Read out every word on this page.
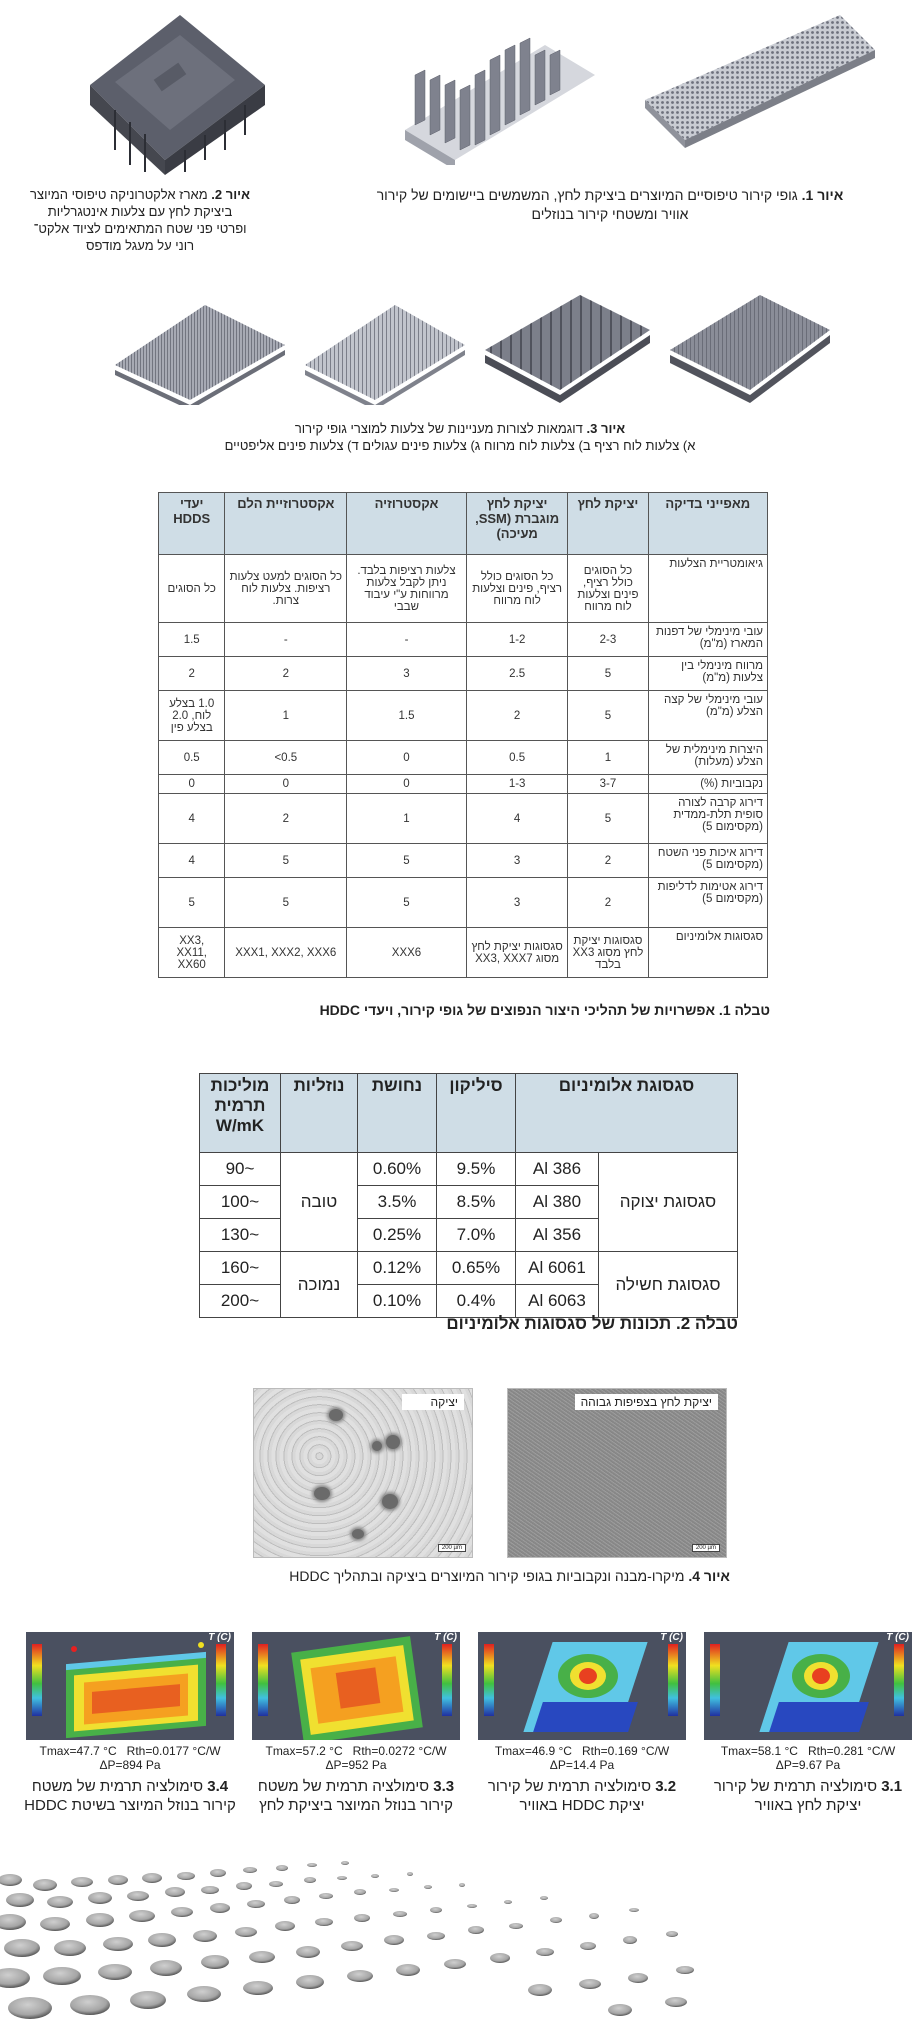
איור 2. מארז אלקטרוניקה טיפוסי המיוצר
ביציקת לחץ עם צלעות אינטגרליות
ופרטי פני שטח המתאימים לציוד אלקט־
רוני על מעגל מודפס
איור 1. גופי קירור טיפוסיים המיוצרים ביציקת לחץ, המשמשים ביישומים של קירור
אוויר ומשטחי קירור בנוזלים
איור 3. דוגמאות לצורות מעניינות של צלעות למוצרי גופי קירור
א) צלעות לוח רציף ב) צלעות לוח מרווח ג) צלעות פינים עגולים ד) צלעות פינים אליפטיים
מאפייני בדיקה	יציקת לחץ	יציקת לחץ מוגברת (SSM, מעיכה)	אקסטרוזיה	אקסטרוזיית הלם	יעדי HDDS
גיאומטריית הצלעות	כל הסוגים כולל רציף, פינים וצלעות לוח מרווח	כל הסוגים כולל רציף, פינים וצלעות לוח מרווח	צלעות רציפות בלבד. ניתן לקבל צלעות מרווחות ע"י עיבוד שבבי	כל הסוגים למעט צלעות רציפות. צלעות לוח צרות.	כל הסוגים
עובי מינימלי של דפנות המארז (מ"מ)	2-3	1-2	-	-	1.5
מרווח מינימלי בין צלעות (מ"מ)	5	2.5	3	2	2
עובי מינימלי של קצה הצלע (מ"מ)	5	2	1.5	1	1.0 בצלע לוח, 2.0 בצלע פין
היצרות מינימלית של הצלע (מעלות)	1	0.5	0	<0.5	0.5
נקבוביות (%)	3-7	1-3	0	0	0
דירוג קרבה לצורה סופית תלת-ממדית (מקסימום 5)	5	4	1	2	4
דירוג איכות פני השטח (מקסימום 5)	2	3	5	5	4
דירוג אטימות לדליפות (מקסימום 5)	2	3	5	5	5
סגסוגות אלומיניום	סגסוגות יציקת לחץ מסוג XX3 בלבד	סגסוגות יציקת לחץ מסוג XX3, XXX7	XXX6	XXX1, XXX2, XXX6	XX3, XX11, XX60
טבלה 1. אפשרויות של תהליכי היצור הנפוצים של גופי קירור, ויעדי HDDC
סגסוגת אלומיניום		סיליקון	נחושת	נוזליות	מוליכות תרמית W/mK
סגסוגת יצוקה	Al 386	9.5%	0.60%	טובה	~90
	Al 380	8.5%	3.5%		~100
	Al 356	7.0%	0.25%		~130
סגסוגת חשילה	Al 6061	0.65%	0.12%	נמוכה	~160
	Al 6063	0.4%	0.10%		~200
טבלה 2. תכונות של סגסוגות אלומיניום
יציקה
200 µm
יציקת לחץ בצפיפות גבוהה
200 µm
איור 4. מיקרו-מבנה ונקבוביות בגופי קירור המיוצרים ביציקה ובתהליך HDDC
T (C)
Tmax=47.7 °C Rth=0.0177 °C/W
ΔP=894 Pa
3.4 סימולציה תרמית של משטח
קירור בנוזל המיוצר בשיטת HDDC
T (C)
Tmax=57.2 °C Rth=0.0272 °C/W
ΔP=952 Pa
3.3 סימולציה תרמית של משטח
קירור בנוזל המיוצר ביציקת לחץ
T (C)
Tmax=46.9 °C Rth=0.169 °C/W
ΔP=14.4 Pa
3.2 סימולציה תרמית של קירור
יציקת HDDC באוויר
T (C)
Tmax=58.1 °C Rth=0.281 °C/W
ΔP=9.67 Pa
3.1 סימולציה תרמית של קירור
יציקת לחץ באוויר
